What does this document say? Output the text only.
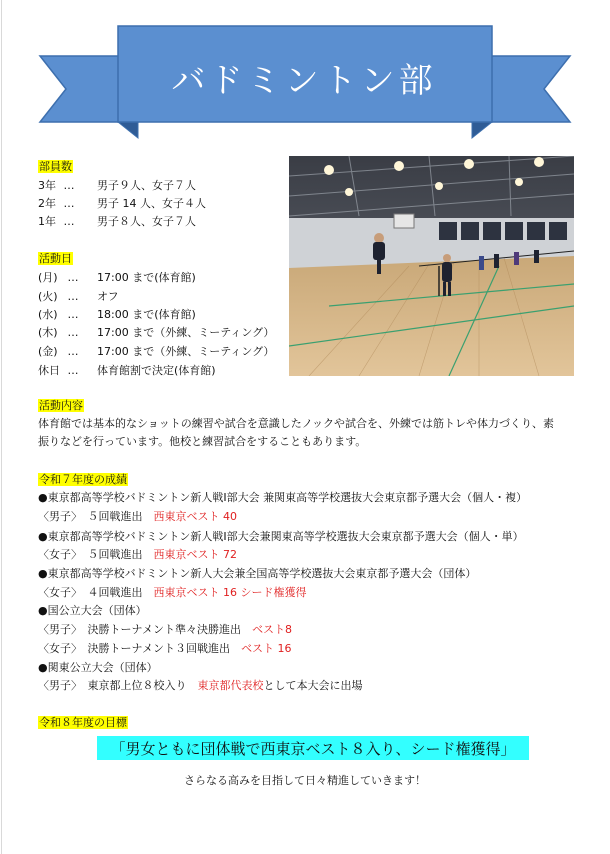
バドミントン部
部員数
3年 … 男子９人、女子７人
2年 … 男子 14 人、女子４人
1年 … 男子８人、女子７人
活動日
(月) … 17:00 まで(体育館)
(火) … オフ
(水) … 18:00 まで(体育館)
(木) … 17:00 まで（外練、ミーティング）
(金) … 17:00 まで（外練、ミーティング）
休日 … 体育館割で決定(体育館)
活動内容
体育館では基本的なショットの練習や試合を意識したノックや試合を、外練では筋トレや体力づくり、素振りなどを行っています。他校と練習試合をすることもあります。
令和７年度の成績
●東京都高等学校バドミントン新人戦Ⅰ部大会 兼関東高等学校選抜大会東京都予選大会（個人・複）
〈男子〉　５回戦進出　西東京ベスト 40
●東京都高等学校バドミントン新人戦Ⅰ部大会兼関東高等学校選抜大会東京都予選大会（個人・単）
〈女子〉　５回戦進出　西東京ベスト 72
●東京都高等学校バドミントン新人大会兼全国高等学校選抜大会東京都予選大会（団体）
〈女子〉　４回戦進出　西東京ベスト 16 シード権獲得
●国公立大会（団体）
〈男子〉　決勝トーナメント準々決勝進出　ベスト8
〈女子〉　決勝トーナメント３回戦進出　ベスト 16
●関東公立大会（団体）
〈男子〉　東京都上位８校入り　東京都代表校として本大会に出場
令和８年度の目標
「男女ともに団体戦で西東京ベスト８入り、シード権獲得」
さらなる高みを目指して日々精進していきます！
